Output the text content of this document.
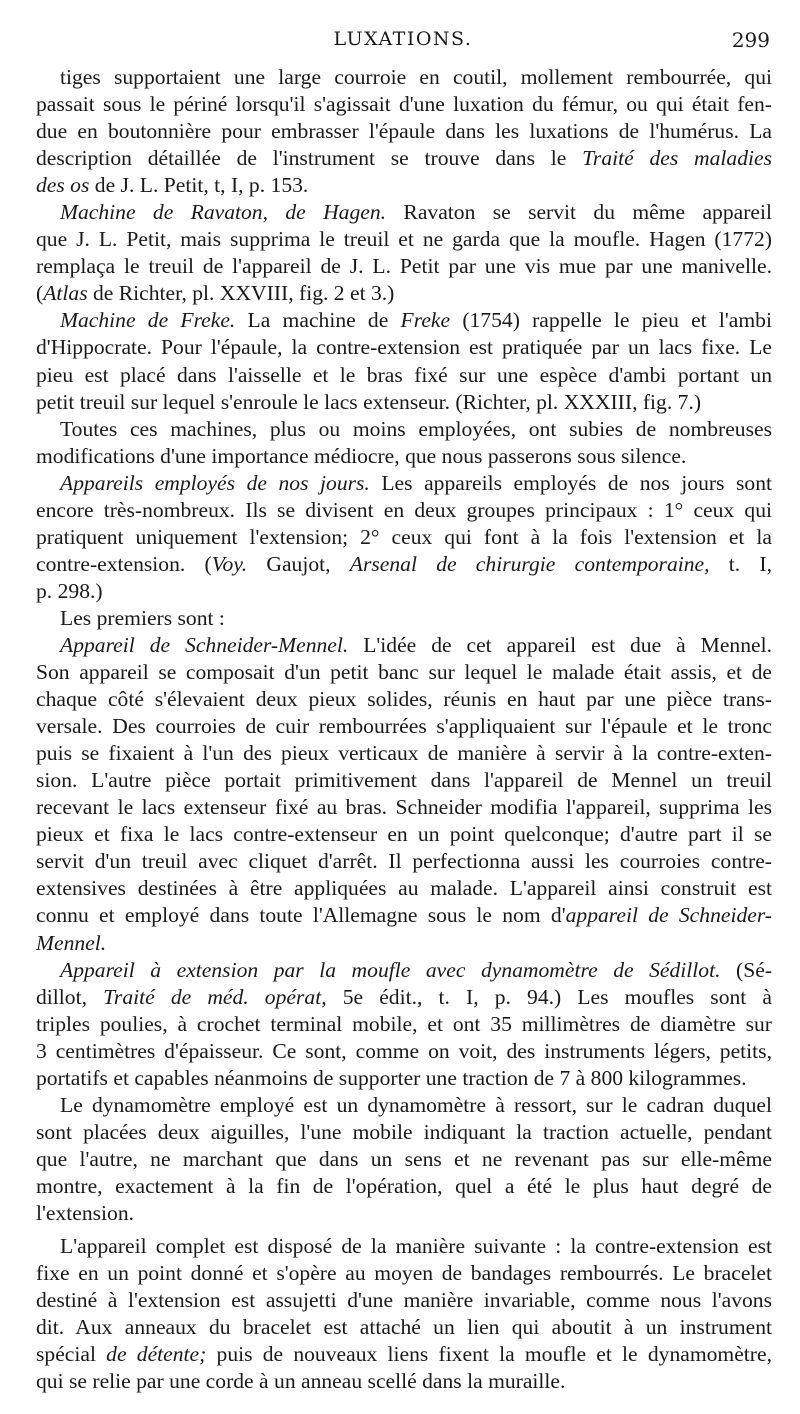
LUXATIONS.	299
tiges supportaient une large courroie en coutil, mollement rembourrée, qui
passait sous le périné lorsqu'il s'agissait d'une luxation du fémur, ou qui était fen-
due en boutonnière pour embrasser l'épaule dans les luxations de l'humérus. La
description détaillée de l'instrument se trouve dans le Traité des maladies
des os de J. L. Petit, t, I, p. 153.
Machine de Ravaton, de Hagen. Ravaton se servit du même appareil
que J. L. Petit, mais supprima le treuil et ne garda que la moufle. Hagen (1772)
remplaça le treuil de l'appareil de J. L. Petit par une vis mue par une manivelle.
(Atlas de Richter, pl. XXVIII, fig. 2 et 3.)
Machine de Freke. La machine de Freke (1754) rappelle le pieu et l'ambi
d'Hippocrate. Pour l'épaule, la contre-extension est pratiquée par un lacs fixe. Le
pieu est placé dans l'aisselle et le bras fixé sur une espèce d'ambi portant un
petit treuil sur lequel s'enroule le lacs extenseur. (Richter, pl. XXXIII, fig. 7.)
Toutes ces machines, plus ou moins employées, ont subies de nombreuses
modifications d'une importance médiocre, que nous passerons sous silence.
Appareils employés de nos jours. Les appareils employés de nos jours sont
encore très-nombreux. Ils se divisent en deux groupes principaux : 1° ceux qui
pratiquent uniquement l'extension; 2° ceux qui font à la fois l'extension et la
contre-extension. (Voy. Gaujot, Arsenal de chirurgie contemporaine, t. I,
p. 298.)
Les premiers sont :
Appareil de Schneider-Mennel. L'idée de cet appareil est due à Mennel.
Son appareil se composait d'un petit banc sur lequel le malade était assis, et de
chaque côté s'élevaient deux pieux solides, réunis en haut par une pièce trans-
versale. Des courroies de cuir rembourrées s'appliquaient sur l'épaule et le tronc
puis se fixaient à l'un des pieux verticaux de manière à servir à la contre-exten-
sion. L'autre pièce portait primitivement dans l'appareil de Mennel un treuil
recevant le lacs extenseur fixé au bras. Schneider modifia l'appareil, supprima les
pieux et fixa le lacs contre-extenseur en un point quelconque; d'autre part il se
servit d'un treuil avec cliquet d'arrêt. Il perfectionna aussi les courroies contre-
extensives destinées à être appliquées au malade. L'appareil ainsi construit est
connu et employé dans toute l'Allemagne sous le nom d'appareil de Schneider-
Mennel.
Appareil à extension par la moufle avec dynamomètre de Sédillot. (Sé-
dillot, Traité de méd. opérat, 5e édit., t. I, p. 94.) Les moufles sont à
triples poulies, à crochet terminal mobile, et ont 35 millimètres de diamètre sur
3 centimètres d'épaisseur. Ce sont, comme on voit, des instruments légers, petits,
portatifs et capables néanmoins de supporter une traction de 7 à 800 kilogrammes.
Le dynamomètre employé est un dynamomètre à ressort, sur le cadran duquel
sont placées deux aiguilles, l'une mobile indiquant la traction actuelle, pendant
que l'autre, ne marchant que dans un sens et ne revenant pas sur elle-même
montre, exactement à la fin de l'opération, quel a été le plus haut degré de
l'extension.
L'appareil complet est disposé de la manière suivante : la contre-extension est
fixe en un point donné et s'opère au moyen de bandages rembourrés. Le bracelet
destiné à l'extension est assujetti d'une manière invariable, comme nous l'avons
dit. Aux anneaux du bracelet est attaché un lien qui aboutit à un instrument
spécial de détente; puis de nouveaux liens fixent la moufle et le dynamomètre,
qui se relie par une corde à un anneau scellé dans la muraille.
